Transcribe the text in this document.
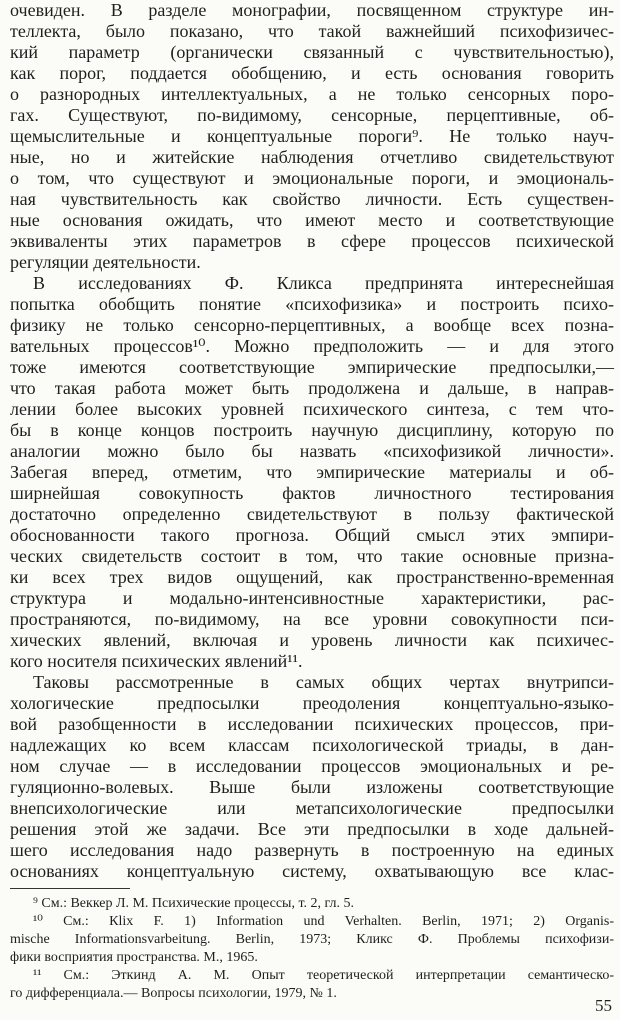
очевиден. В разделе монографии, посвященном структуре ин-
теллекта, было показано, что такой важнейший психофизичес-
кий параметр (органически связанный с чувствительностью),
как порог, поддается обобщению, и есть основания говорить
о разнородных интеллектуальных, а не только сенсорных поро-
гах. Существуют, по-видимому, сенсорные, перцептивные, об-
щемыслительные и концептуальные пороги⁹. Не только науч-
ные, но и житейские наблюдения отчетливо свидетельствуют
о том, что существуют и эмоциональные пороги, и эмоциональ-
ная чувствительность как свойство личности. Есть существен-
ные основания ожидать, что имеют место и соответствующие
эквиваленты этих параметров в сфере процессов психической
регуляции деятельности.
В исследованиях Ф. Кликса предпринята интереснейшая
попытка обобщить понятие «психофизика» и построить психо-
физику не только сенсорно-перцептивных, а вообще всех позна-
вательных процессов¹⁰. Можно предположить — и для этого
тоже имеются соответствующие эмпирические предпосылки,—
что такая работа может быть продолжена и дальше, в направ-
лении более высоких уровней психического синтеза, с тем что-
бы в конце концов построить научную дисциплину, которую по
аналогии можно было бы назвать «психофизикой личности».
Забегая вперед, отметим, что эмпирические материалы и об-
ширнейшая совокупность фактов личностного тестирования
достаточно определенно свидетельствуют в пользу фактической
обоснованности такого прогноза. Общий смысл этих эмпири-
ческих свидетельств состоит в том, что такие основные призна-
ки всех трех видов ощущений, как пространственно-временная
структура и модально-интенсивностные характеристики, рас-
пространяются, по-видимому, на все уровни совокупности пси-
хических явлений, включая и уровень личности как психичес-
кого носителя психических явлений¹¹.
Таковы рассмотренные в самых общих чертах внутрипси-
хологические предпосылки преодоления концептуально-языко-
вой разобщенности в исследовании психических процессов, при-
надлежащих ко всем классам психологической триады, в дан-
ном случае — в исследовании процессов эмоциональных и ре-
гуляционно-волевых. Выше были изложены соответствующие
внепсихологические или метапсихологические предпосылки
решения этой же задачи. Все эти предпосылки в ходе дальней-
шего исследования надо развернуть в построенную на единых
основаниях концептуальную систему, охватывающую все клас-
⁹ См.: Веккер Л. М. Психические процессы, т. 2, гл. 5.
¹⁰ См.: Кlix F. 1) Information und Verhalten. Berlin, 1971; 2) Organis-
mische Informationsvarbeitung. Berlin, 1973; Кликс Ф. Проблемы психофизи-
фики восприятия пространства. М., 1965.
¹¹ См.: Эткинд А. М. Опыт теоретической интерпретации семантическо-
го дифференциала.— Вопросы психологии, 1979, № 1.
55
